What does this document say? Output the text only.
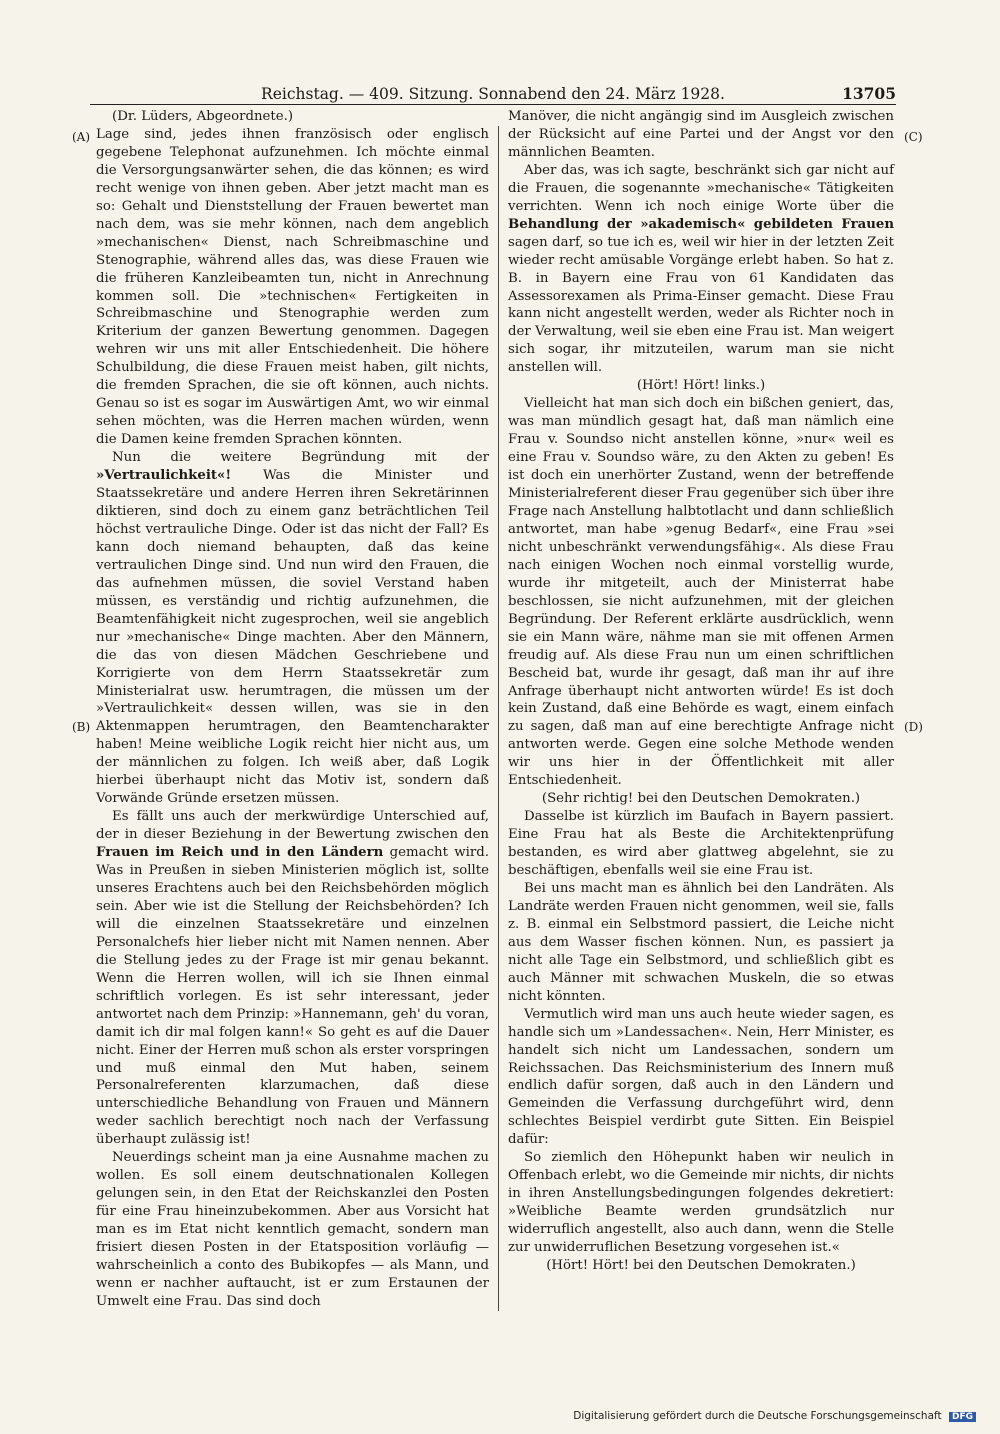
Reichstag. — 409. Sitzung. Sonnabend den 24. März 1928.	13705
(A)
(B)
(C)
(D)

(Dr. Lüders, Abgeordnete.)

Lage sind, jedes ihnen französisch oder englisch gegebene Telephonat aufzunehmen. Ich möchte einmal die Versorgungsanwärter sehen, die das können; es wird recht wenige von ihnen geben. Aber jetzt macht man es so: Gehalt und Dienststellung der Frauen bewertet man nach dem, was sie mehr können, nach dem angeblich »mechanischen« Dienst, nach Schreibmaschine und Stenographie, während alles das, was diese Frauen wie die früheren Kanzleibeamten tun, nicht in Anrechnung kommen soll. Die »technischen« Fertigkeiten in Schreibmaschine und Stenographie werden zum Kriterium der ganzen Bewertung genommen. Dagegen wehren wir uns mit aller Entschiedenheit. Die höhere Schulbildung, die diese Frauen meist haben, gilt nichts, die fremden Sprachen, die sie oft können, auch nichts. Genau so ist es sogar im Auswärtigen Amt, wo wir einmal sehen möchten, was die Herren machen würden, wenn die Damen keine fremden Sprachen könnten.

Nun die weitere Begründung mit der »Vertraulichkeit«! Was die Minister und Staatssekretäre und andere Herren ihren Sekretärinnen diktieren, sind doch zu einem ganz beträchtlichen Teil höchst vertrauliche Dinge. Oder ist das nicht der Fall? Es kann doch niemand behaupten, daß das keine vertraulichen Dinge sind. Und nun wird den Frauen, die das aufnehmen müssen, die soviel Verstand haben müssen, es verständig und richtig aufzunehmen, die Beamtenfähigkeit nicht zugesprochen, weil sie angeblich nur »mechanische« Dinge machten. Aber den Männern, die das von diesen Mädchen Geschriebene und Korrigierte von dem Herrn Staatssekretär zum Ministerialrat usw. herumtragen, die müssen um der »Vertraulichkeit« dessen willen, was sie in den Aktenmappen herumtragen, den Beamtencharakter haben! Meine weibliche Logik reicht hier nicht aus, um der männlichen zu folgen. Ich weiß aber, daß Logik hierbei überhaupt nicht das Motiv ist, sondern daß Vorwände Gründe ersetzen müssen.

Es fällt uns auch der merkwürdige Unterschied auf, der in dieser Beziehung in der Bewertung zwischen den Frauen im Reich und in den Ländern gemacht wird. Was in Preußen in sieben Ministerien möglich ist, sollte unseres Erachtens auch bei den Reichsbehörden möglich sein. Aber wie ist die Stellung der Reichsbehörden? Ich will die einzelnen Staatssekretäre und einzelnen Personalchefs hier lieber nicht mit Namen nennen. Aber die Stellung jedes zu der Frage ist mir genau bekannt. Wenn die Herren wollen, will ich sie Ihnen einmal schriftlich vorlegen. Es ist sehr interessant, jeder antwortet nach dem Prinzip: »Hannemann, geh' du voran, damit ich dir mal folgen kann!« So geht es auf die Dauer nicht. Einer der Herren muß schon als erster vorspringen und muß einmal den Mut haben, seinem Personalreferenten klarzumachen, daß diese unterschiedliche Behandlung von Frauen und Männern weder sachlich berechtigt noch nach der Verfassung überhaupt zulässig ist!

Neuerdings scheint man ja eine Ausnahme machen zu wollen. Es soll einem deutschnationalen Kollegen gelungen sein, in den Etat der Reichskanzlei den Posten für eine Frau hineinzubekommen. Aber aus Vorsicht hat man es im Etat nicht kenntlich gemacht, sondern man frisiert diesen Posten in der Etatsposition vorläufig — wahrscheinlich a conto des Bubikopfes — als Mann, und wenn er nachher auftaucht, ist er zum Erstaunen der Umwelt eine Frau. Das sind doch

Manöver, die nicht angängig sind im Ausgleich zwischen der Rücksicht auf eine Partei und der Angst vor den männlichen Beamten.

Aber das, was ich sagte, beschränkt sich gar nicht auf die Frauen, die sogenannte »mechanische« Tätigkeiten verrichten. Wenn ich noch einige Worte über die Behandlung der »akademisch« gebildeten Frauen sagen darf, so tue ich es, weil wir hier in der letzten Zeit wieder recht amüsable Vorgänge erlebt haben. So hat z. B. in Bayern eine Frau von 61 Kandidaten das Assessorexamen als Prima-Einser gemacht. Diese Frau kann nicht angestellt werden, weder als Richter noch in der Verwaltung, weil sie eben eine Frau ist. Man weigert sich sogar, ihr mitzuteilen, warum man sie nicht anstellen will.

(Hört! Hört! links.)

Vielleicht hat man sich doch ein bißchen geniert, das, was man mündlich gesagt hat, daß man nämlich eine Frau v. Soundso nicht anstellen könne, »nur« weil es eine Frau v. Soundso wäre, zu den Akten zu geben! Es ist doch ein unerhörter Zustand, wenn der betreffende Ministerialreferent dieser Frau gegenüber sich über ihre Frage nach Anstellung halbtotlacht und dann schließlich antwortet, man habe »genug Bedarf«, eine Frau »sei nicht unbeschränkt verwendungsfähig«. Als diese Frau nach einigen Wochen noch einmal vorstellig wurde, wurde ihr mitgeteilt, auch der Ministerrat habe beschlossen, sie nicht aufzunehmen, mit der gleichen Begründung. Der Referent erklärte ausdrücklich, wenn sie ein Mann wäre, nähme man sie mit offenen Armen freudig auf. Als diese Frau nun um einen schriftlichen Bescheid bat, wurde ihr gesagt, daß man ihr auf ihre Anfrage überhaupt nicht antworten würde! Es ist doch kein Zustand, daß eine Behörde es wagt, einem einfach zu sagen, daß man auf eine berechtigte Anfrage nicht antworten werde. Gegen eine solche Methode wenden wir uns hier in der Öffentlichkeit mit aller Entschiedenheit.

(Sehr richtig! bei den Deutschen Demokraten.)

Dasselbe ist kürzlich im Baufach in Bayern passiert. Eine Frau hat als Beste die Architektenprüfung bestanden, es wird aber glattweg abgelehnt, sie zu beschäftigen, ebenfalls weil sie eine Frau ist.

Bei uns macht man es ähnlich bei den Landräten. Als Landräte werden Frauen nicht genommen, weil sie, falls z. B. einmal ein Selbstmord passiert, die Leiche nicht aus dem Wasser fischen können. Nun, es passiert ja nicht alle Tage ein Selbstmord, und schließlich gibt es auch Männer mit schwachen Muskeln, die so etwas nicht könnten.

Vermutlich wird man uns auch heute wieder sagen, es handle sich um »Landessachen«. Nein, Herr Minister, es handelt sich nicht um Landessachen, sondern um Reichssachen. Das Reichsministerium des Innern muß endlich dafür sorgen, daß auch in den Ländern und Gemeinden die Verfassung durchgeführt wird, denn schlechtes Beispiel verdirbt gute Sitten. Ein Beispiel dafür:

So ziemlich den Höhepunkt haben wir neulich in Offenbach erlebt, wo die Gemeinde mir nichts, dir nichts in ihren Anstellungsbedingungen folgendes dekretiert: »Weibliche Beamte werden grundsätzlich nur widerruflich angestellt, also auch dann, wenn die Stelle zur unwiderruflichen Besetzung vorgesehen ist.«

(Hört! Hört! bei den Deutschen Demokraten.)

Digitalisierung gefördert durch die Deutsche Forschungsgemeinschaft DFG
